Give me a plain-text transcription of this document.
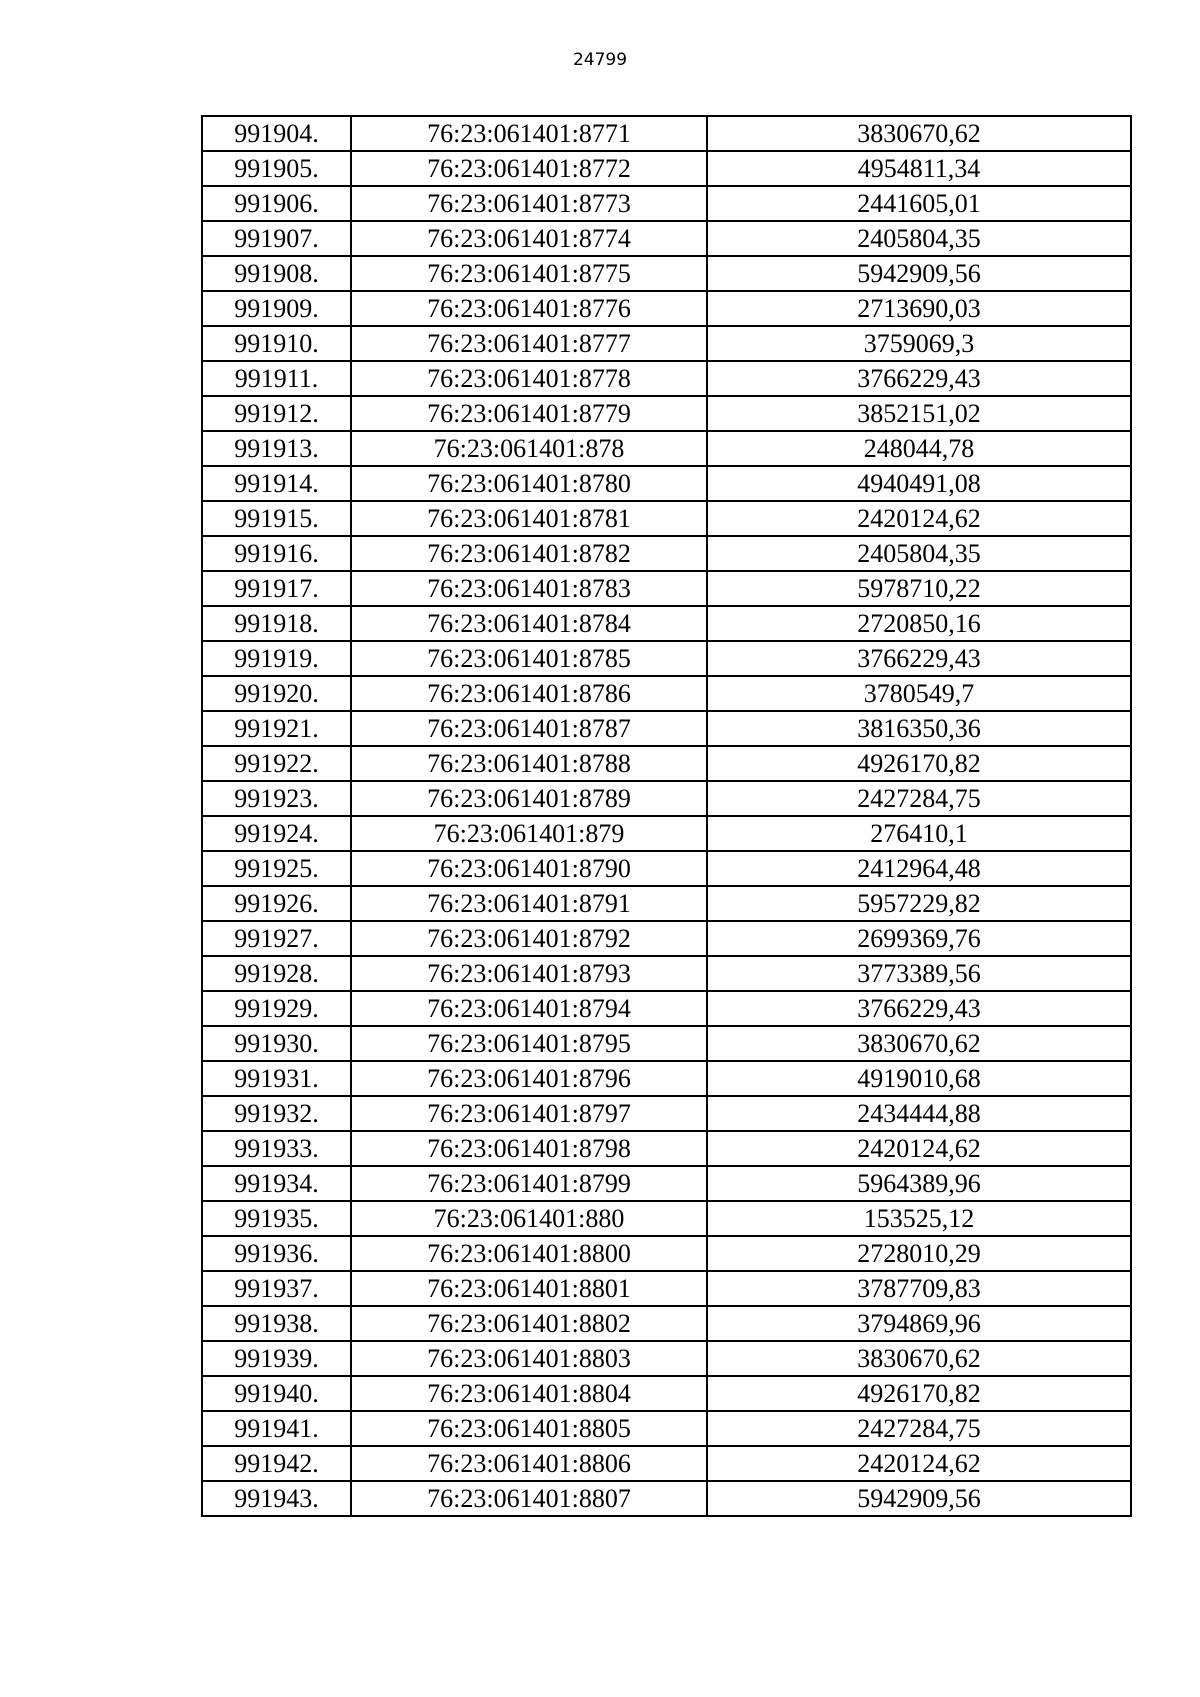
24799
991904.	76:23:061401:8771	3830670,62
991905.	76:23:061401:8772	4954811,34
991906.	76:23:061401:8773	2441605,01
991907.	76:23:061401:8774	2405804,35
991908.	76:23:061401:8775	5942909,56
991909.	76:23:061401:8776	2713690,03
991910.	76:23:061401:8777	3759069,3
991911.	76:23:061401:8778	3766229,43
991912.	76:23:061401:8779	3852151,02
991913.	76:23:061401:878	248044,78
991914.	76:23:061401:8780	4940491,08
991915.	76:23:061401:8781	2420124,62
991916.	76:23:061401:8782	2405804,35
991917.	76:23:061401:8783	5978710,22
991918.	76:23:061401:8784	2720850,16
991919.	76:23:061401:8785	3766229,43
991920.	76:23:061401:8786	3780549,7
991921.	76:23:061401:8787	3816350,36
991922.	76:23:061401:8788	4926170,82
991923.	76:23:061401:8789	2427284,75
991924.	76:23:061401:879	276410,1
991925.	76:23:061401:8790	2412964,48
991926.	76:23:061401:8791	5957229,82
991927.	76:23:061401:8792	2699369,76
991928.	76:23:061401:8793	3773389,56
991929.	76:23:061401:8794	3766229,43
991930.	76:23:061401:8795	3830670,62
991931.	76:23:061401:8796	4919010,68
991932.	76:23:061401:8797	2434444,88
991933.	76:23:061401:8798	2420124,62
991934.	76:23:061401:8799	5964389,96
991935.	76:23:061401:880	153525,12
991936.	76:23:061401:8800	2728010,29
991937.	76:23:061401:8801	3787709,83
991938.	76:23:061401:8802	3794869,96
991939.	76:23:061401:8803	3830670,62
991940.	76:23:061401:8804	4926170,82
991941.	76:23:061401:8805	2427284,75
991942.	76:23:061401:8806	2420124,62
991943.	76:23:061401:8807	5942909,56
